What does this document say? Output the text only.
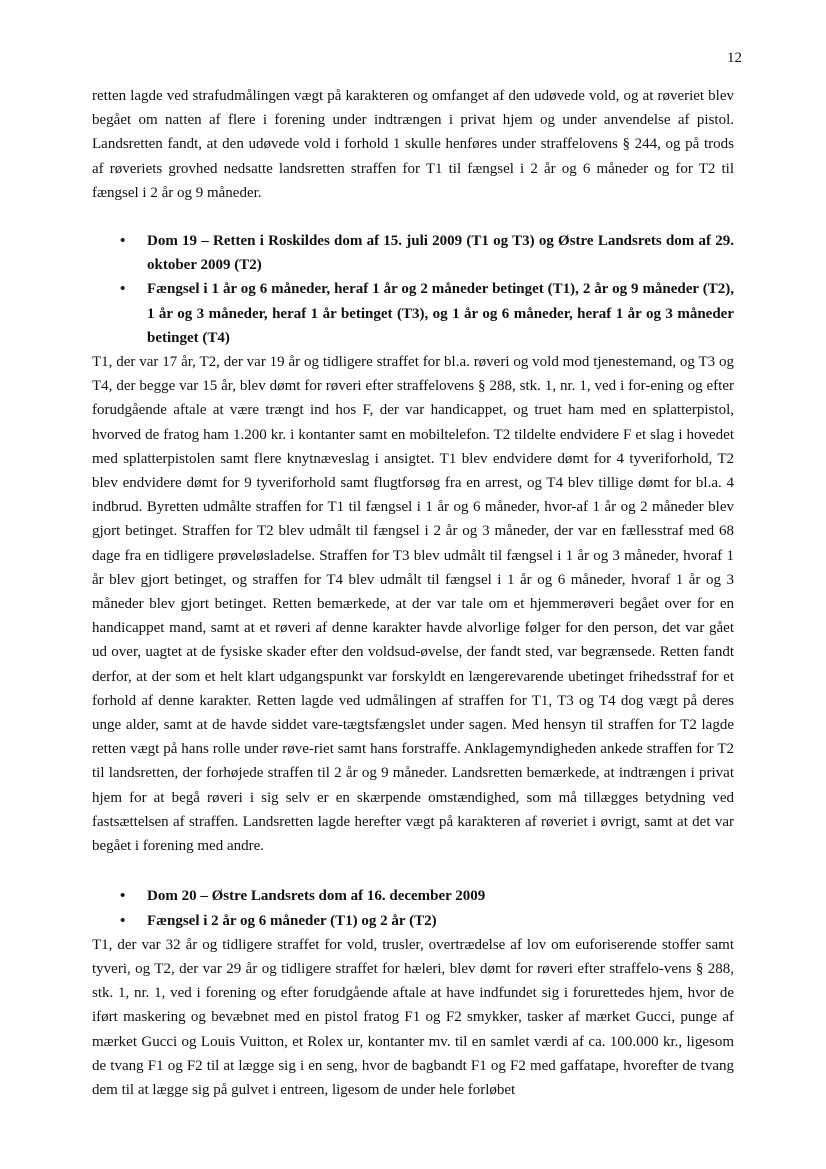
12

retten lagde ved strafudmålingen vægt på karakteren og omfanget af den udøvede vold, og at røveriet blev begået om natten af flere i forening under indtrængen i privat hjem og under anvendelse af pistol. Landsretten fandt, at den udøvede vold i forhold 1 skulle henføres under straffelovens § 244, og på trods af røveriets grovhed nedsatte landsretten straffen for T1 til fængsel i 2 år og 6 måneder og for T2 til fængsel i 2 år og 9 måneder.

• Dom 19 – Retten i Roskildes dom af 15. juli 2009 (T1 og T3) og Østre Landsrets dom af 29. oktober 2009 (T2)
• Fængsel i 1 år og 6 måneder, heraf 1 år og 2 måneder betinget (T1), 2 år og 9 måneder (T2), 1 år og 3 måneder, heraf 1 år betinget (T3), og 1 år og 6 måneder, heraf 1 år og 3 måneder betinget (T4)

T1, der var 17 år, T2, der var 19 år og tidligere straffet for bl.a. røveri og vold mod tjenestemand, og T3 og T4, der begge var 15 år, blev dømt for røveri efter straffelovens § 288, stk. 1, nr. 1, ved i for-ening og efter forudgående aftale at være trængt ind hos F, der var handicappet, og truet ham med en splatterpistol, hvorved de fratog ham 1.200 kr. i kontanter samt en mobiltelefon. T2 tildelte endvidere F et slag i hovedet med splatterpistolen samt flere knytnæveslag i ansigtet. T1 blev endvidere dømt for 4 tyveriforhold, T2 blev endvidere dømt for 9 tyveriforhold samt flugtforsøg fra en arrest, og T4 blev tillige dømt for bl.a. 4 indbrud. Byretten udmålte straffen for T1 til fængsel i 1 år og 6 måneder, hvor-af 1 år og 2 måneder blev gjort betinget. Straffen for T2 blev udmålt til fængsel i 2 år og 3 måneder, der var en fællesstraf med 68 dage fra en tidligere prøveløsladelse. Straffen for T3 blev udmålt til fængsel i 1 år og 3 måneder, hvoraf 1 år blev gjort betinget, og straffen for T4 blev udmålt til fængsel i 1 år og 6 måneder, hvoraf 1 år og 3 måneder blev gjort betinget. Retten bemærkede, at der var tale om et hjemmerøveri begået over for en handicappet mand, samt at et røveri af denne karakter havde alvorlige følger for den person, det var gået ud over, uagtet at de fysiske skader efter den voldsud-øvelse, der fandt sted, var begrænsede. Retten fandt derfor, at der som et helt klart udgangspunkt var forskyldt en længerevarende ubetinget frihedsstraf for et forhold af denne karakter. Retten lagde ved udmålingen af straffen for T1, T3 og T4 dog vægt på deres unge alder, samt at de havde siddet vare-tægtsfængslet under sagen. Med hensyn til straffen for T2 lagde retten vægt på hans rolle under røve-riet samt hans forstraffe. Anklagemyndigheden ankede straffen for T2 til landsretten, der forhøjede straffen til 2 år og 9 måneder. Landsretten bemærkede, at indtrængen i privat hjem for at begå røveri i sig selv er en skærpende omstændighed, som må tillægges betydning ved fastsættelsen af straffen. Landsretten lagde herefter vægt på karakteren af røveriet i øvrigt, samt at det var begået i forening med andre.

• Dom 20 – Østre Landsrets dom af 16. december 2009
• Fængsel i 2 år og 6 måneder (T1) og 2 år (T2)

T1, der var 32 år og tidligere straffet for vold, trusler, overtrædelse af lov om euforiserende stoffer samt tyveri, og T2, der var 29 år og tidligere straffet for hæleri, blev dømt for røveri efter straffelo-vens § 288, stk. 1, nr. 1, ved i forening og efter forudgående aftale at have indfundet sig i forurettedes hjem, hvor de iført maskering og bevæbnet med en pistol fratog F1 og F2 smykker, tasker af mærket Gucci, punge af mærket Gucci og Louis Vuitton, et Rolex ur, kontanter mv. til en samlet værdi af ca. 100.000 kr., ligesom de tvang F1 og F2 til at lægge sig i en seng, hvor de bagbandt F1 og F2 med gaffatape, hvorefter de tvang dem til at lægge sig på gulvet i entreen, ligesom de under hele forløbet
